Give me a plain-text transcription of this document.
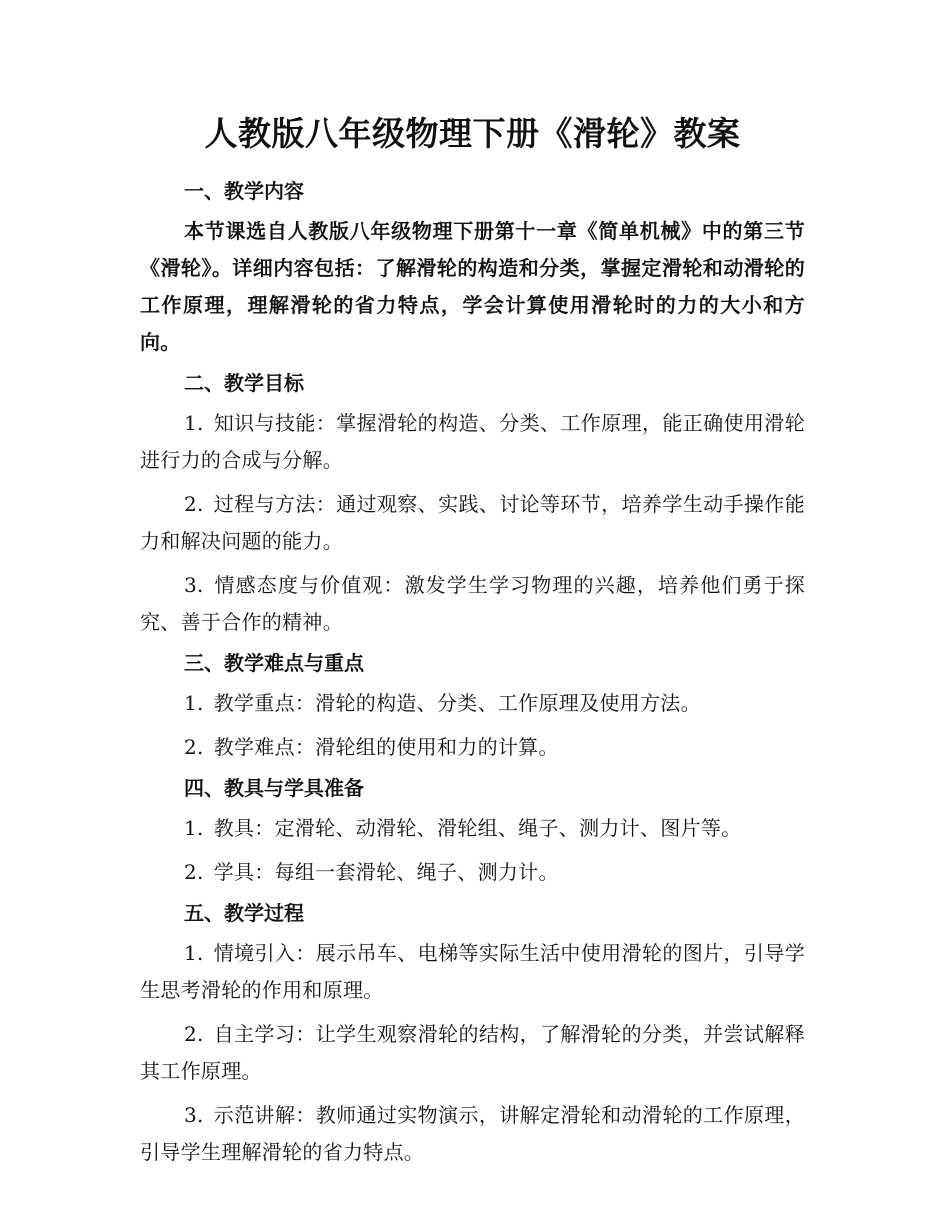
人教版八年级物理下册《滑轮》教案

一、教学内容

本节课选自人教版八年级物理下册第十一章《简单机械》中的第三节《滑轮》。详细内容包括：了解滑轮的构造和分类，掌握定滑轮和动滑轮的工作原理，理解滑轮的省力特点，学会计算使用滑轮时的力的大小和方向。

二、教学目标

1. 知识与技能：掌握滑轮的构造、分类、工作原理，能正确使用滑轮进行力的合成与分解。

2. 过程与方法：通过观察、实践、讨论等环节，培养学生动手操作能力和解决问题的能力。

3. 情感态度与价值观：激发学生学习物理的兴趣，培养他们勇于探究、善于合作的精神。

三、教学难点与重点

1. 教学重点：滑轮的构造、分类、工作原理及使用方法。

2. 教学难点：滑轮组的使用和力的计算。

四、教具与学具准备

1. 教具：定滑轮、动滑轮、滑轮组、绳子、测力计、图片等。

2. 学具：每组一套滑轮、绳子、测力计。

五、教学过程

1. 情境引入：展示吊车、电梯等实际生活中使用滑轮的图片，引导学生思考滑轮的作用和原理。

2. 自主学习：让学生观察滑轮的结构，了解滑轮的分类，并尝试解释其工作原理。

3. 示范讲解：教师通过实物演示，讲解定滑轮和动滑轮的工作原理，引导学生理解滑轮的省力特点。
